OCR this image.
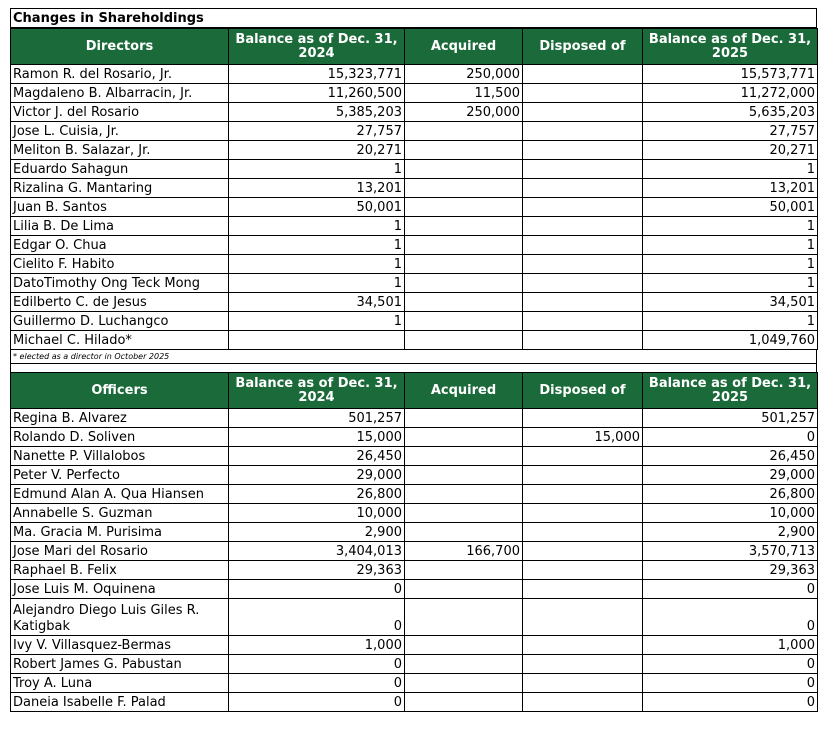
Changes in Shareholdings
Directors	Balance as of Dec. 31, 2024	Acquired	Disposed of	Balance as of Dec. 31, 2025
Ramon R. del Rosario, Jr.	15,323,771	250,000		15,573,771
Magdaleno B. Albarracin, Jr.	11,260,500	11,500		11,272,000
Victor J. del Rosario	5,385,203	250,000		5,635,203
Jose L. Cuisia, Jr.	27,757			27,757
Meliton B. Salazar, Jr.	20,271			20,271
Eduardo Sahagun	1			1
Rizalina G. Mantaring	13,201			13,201
Juan B. Santos	50,001			50,001
Lilia B. De Lima	1			1
Edgar O. Chua	1			1
Cielito F. Habito	1			1
DatoTimothy Ong Teck Mong	1			1
Edilberto C. de Jesus	34,501			34,501
Guillermo D. Luchangco	1			1
Michael C. Hilado*				1,049,760
* elected as a director in October 2025
Officers	Balance as of Dec. 31, 2024	Acquired	Disposed of	Balance as of Dec. 31, 2025
Regina B. Alvarez	501,257			501,257
Rolando D. Soliven	15,000		15,000	0
Nanette P. Villalobos	26,450			26,450
Peter V. Perfecto	29,000			29,000
Edmund Alan A. Qua Hiansen	26,800			26,800
Annabelle S. Guzman	10,000			10,000
Ma. Gracia M. Purisima	2,900			2,900
Jose Mari del Rosario	3,404,013	166,700		3,570,713
Raphael B. Felix	29,363			29,363
Jose Luis M. Oquinena	0			0
Alejandro Diego Luis Giles R. Katigbak	0			0
Ivy V. Villasquez-Bermas	1,000			1,000
Robert James G. Pabustan	0			0
Troy A. Luna	0			0
Daneia Isabelle F. Palad	0			0
